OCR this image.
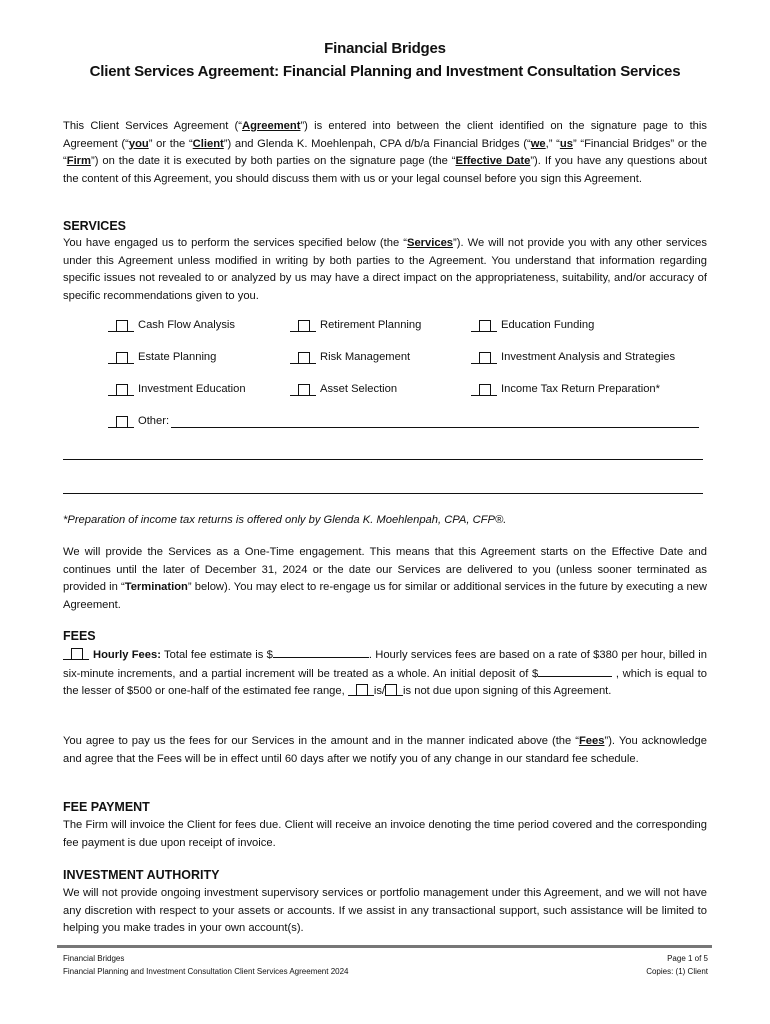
Financial Bridges
Client Services Agreement: Financial Planning and Investment Consultation Services

This Client Services Agreement (“Agreement”) is entered into between the client identified on the signature page to this Agreement (“you” or the “Client”) and Glenda K. Moehlenpah, CPA d/b/a Financial Bridges (“we,” “us” “Financial Bridges” or the “Firm”) on the date it is executed by both parties on the signature page (the “Effective Date”). If you have any questions about the content of this Agreement, you should discuss them with us or your legal counsel before you sign this Agreement.

SERVICES

You have engaged us to perform the services specified below (the “Services”). We will not provide you with any other services under this Agreement unless modified in writing by both parties to the Agreement. You understand that information regarding specific issues not revealed to or analyzed by us may have a direct impact on the appropriateness, suitability, and/or accuracy of specific recommendations given to you.

Cash Flow Analysis	Retirement Planning	Education Funding
Estate Planning	Risk Management	Investment Analysis and Strategies
Investment Education	Asset Selection	Income Tax Return Preparation*
Other:

*Preparation of income tax returns is offered only by Glenda K. Moehlenpah, CPA, CFP®.

We will provide the Services as a One-Time engagement. This means that this Agreement starts on the Effective Date and continues until the later of December 31, 2024 or the date our Services are delivered to you (unless sooner terminated as provided in “Termination” below). You may elect to re-engage us for similar or additional services in the future by executing a new Agreement.

FEES

Hourly Fees: Total fee estimate is $	. Hourly services fees are based on a rate of $380 per hour, billed in six-minute increments, and a partial increment will be treated as a whole. An initial deposit of $	, which is equal to the lesser of $500 or one-half of the estimated fee range,	is/ is not due upon signing of this Agreement.

You agree to pay us the fees for our Services in the amount and in the manner indicated above (the “Fees”). You acknowledge and agree that the Fees will be in effect until 60 days after we notify you of any change in our standard fee schedule.

FEE PAYMENT

The Firm will invoice the Client for fees due. Client will receive an invoice denoting the time period covered and the corresponding fee payment is due upon receipt of invoice.

INVESTMENT AUTHORITY

We will not provide ongoing investment supervisory services or portfolio management under this Agreement, and we will not have any discretion with respect to your assets or accounts. If we assist in any transactional support, such assistance will be limited to helping you make trades in your own account(s).

Financial Bridges
Financial Planning and Investment Consultation Client Services Agreement 2024
Page 1 of 5
Copies: (1) Client
